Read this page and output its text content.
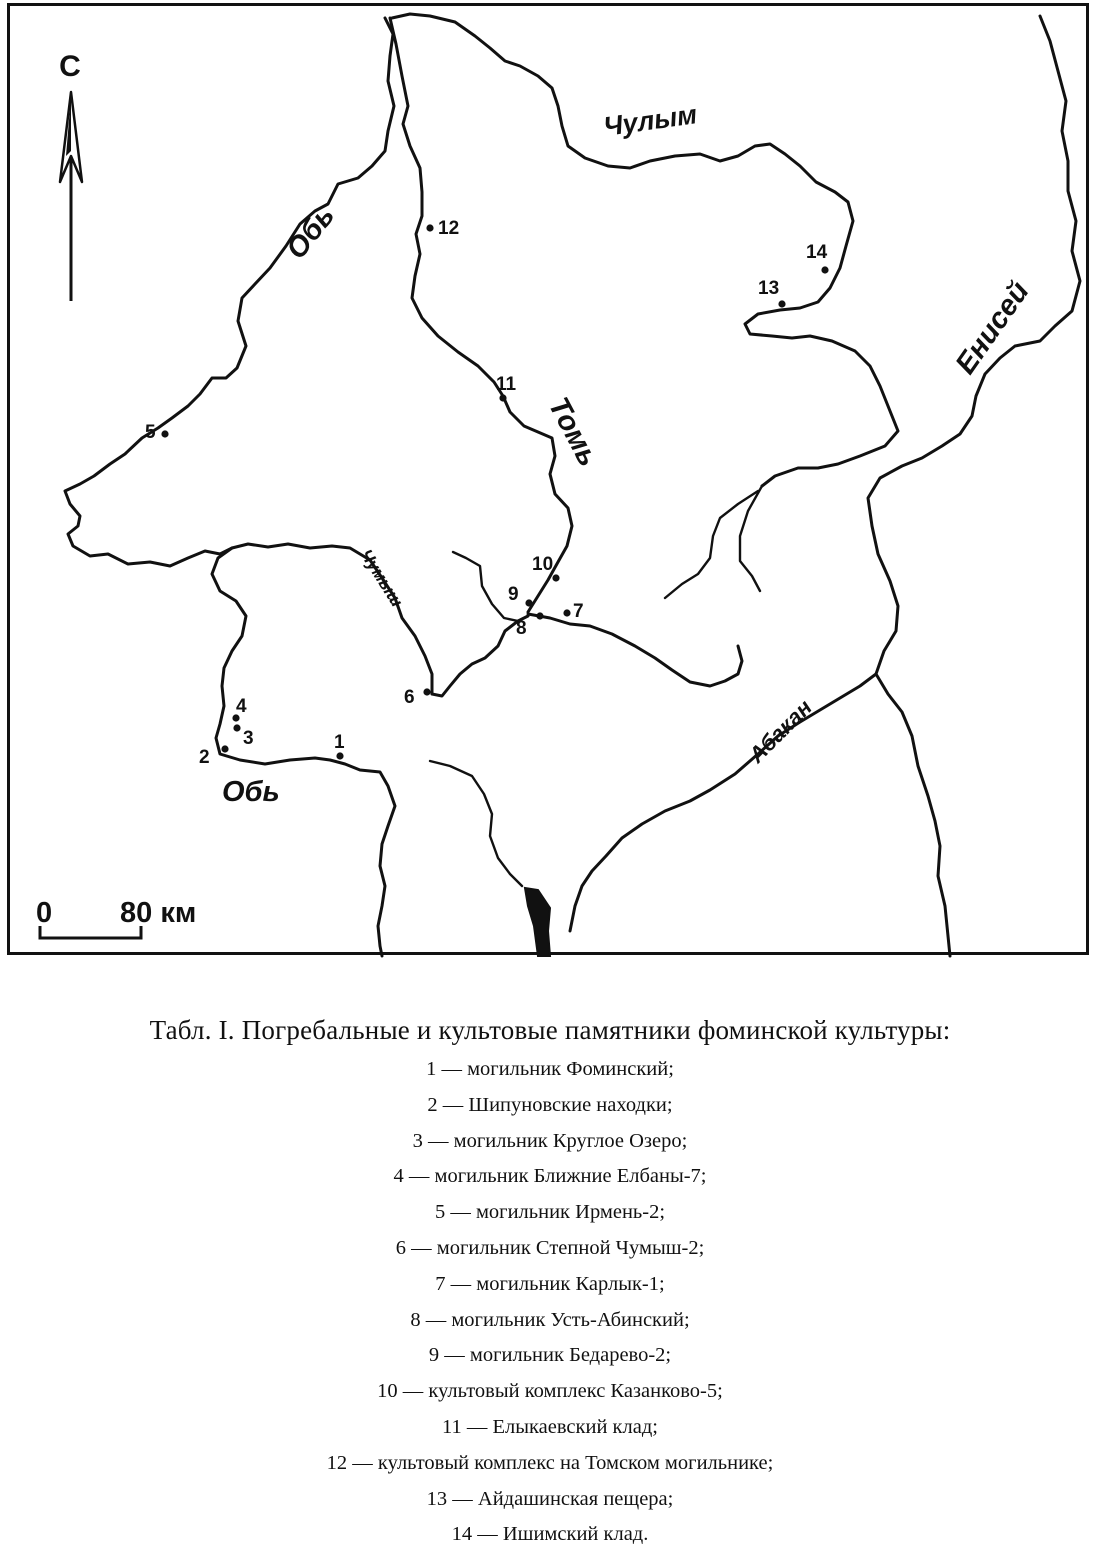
С
0 80 км
Обь
Обь
Чулым
Томь
Чумыш
Енисей
Абакан
1
2
3
4
5
6
7
8
9
10
11
12
13
14
Табл. I. Погребальные и культовые памятники фоминской культуры:
1 — могильник Фоминский;
2 — Шипуновские находки;
3 — могильник Круглое Озеро;
4 — могильник Ближние Елбаны-7;
5 — могильник Ирмень-2;
6 — могильник Степной Чумыш-2;
7 — могильник Карлык-1;
8 — могильник Усть-Абинский;
9 — могильник Бедарево-2;
10 — культовый комплекс Казанково-5;
11 — Елыкаевский клад;
12 — культовый комплекс на Томском могильнике;
13 — Айдашинская пещера;
14 — Ишимский клад.
